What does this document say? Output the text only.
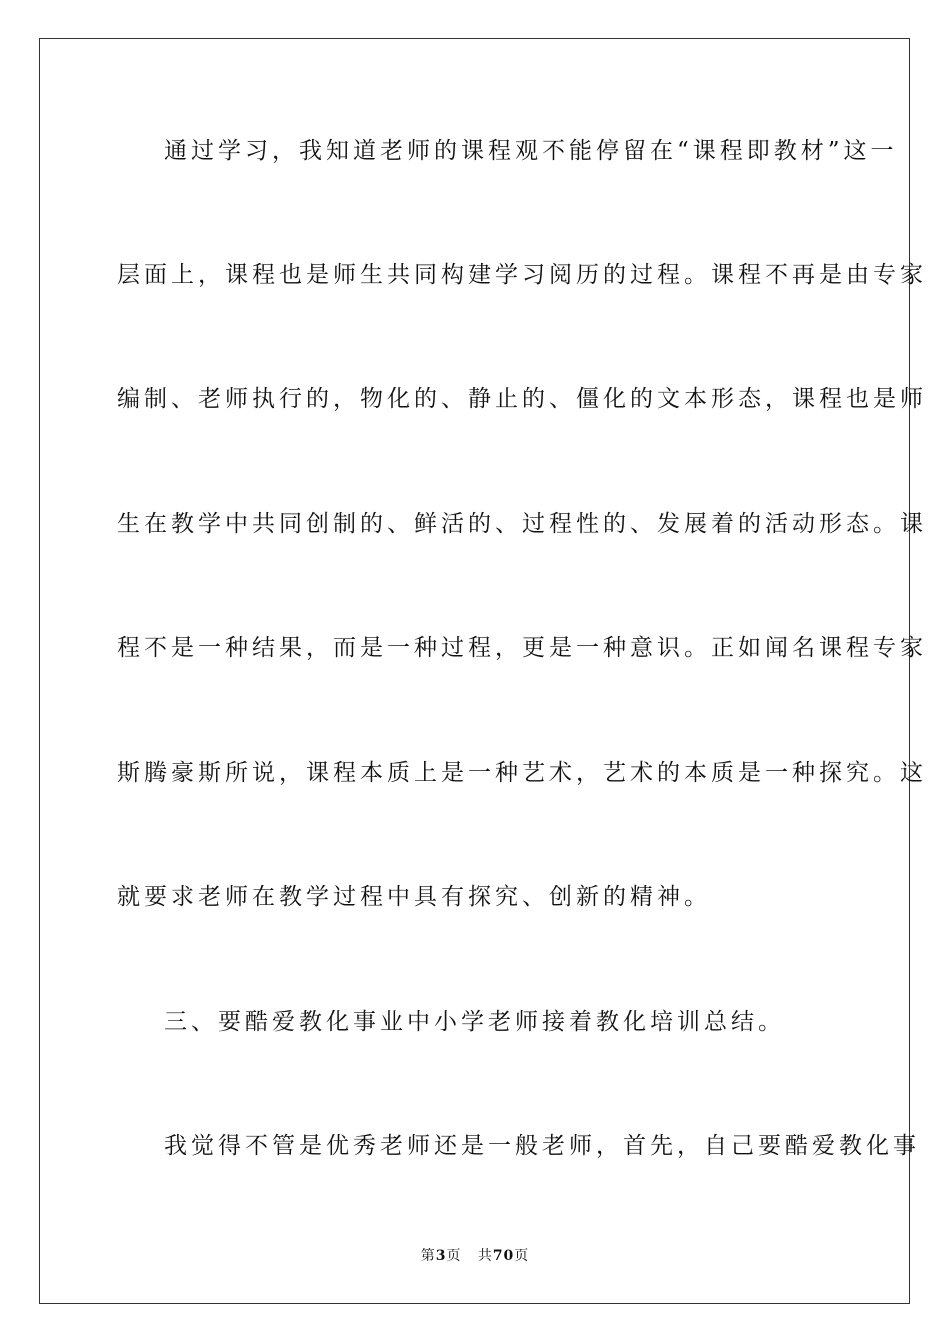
通过学习，我知道老师的课程观不能停留在“课程即教材”这一
层面上，课程也是师生共同构建学习阅历的过程。课程不再是由专家
编制、老师执行的，物化的、静止的、僵化的文本形态，课程也是师
生在教学中共同创制的、鲜活的、过程性的、发展着的活动形态。课
程不是一种结果，而是一种过程，更是一种意识。正如闻名课程专家
斯腾豪斯所说，课程本质上是一种艺术，艺术的本质是一种探究。这
就要求老师在教学过程中具有探究、创新的精神。
三、要酷爱教化事业中小学老师接着教化培训总结。
我觉得不管是优秀老师还是一般老师，首先，自己要酷爱教化事
第3页 共70页
